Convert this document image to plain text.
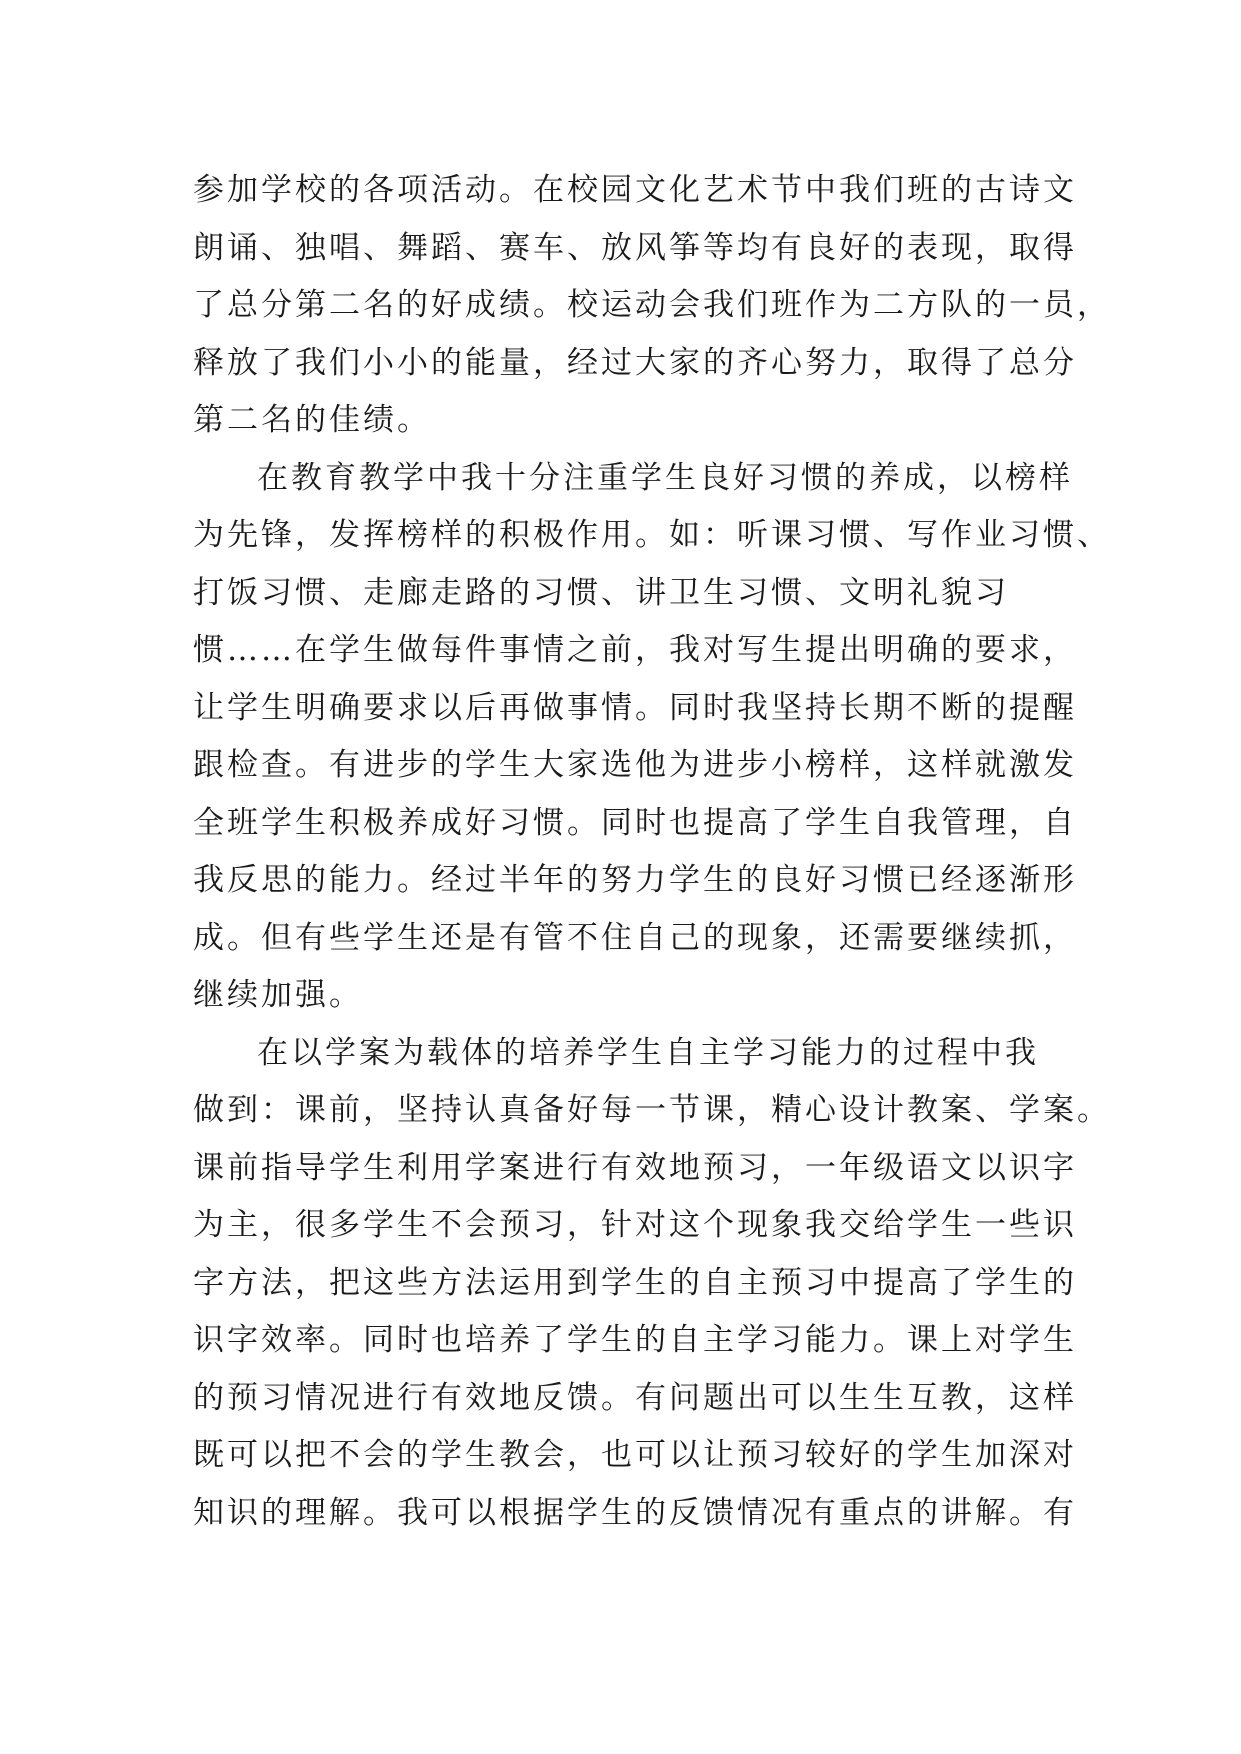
参加学校的各项活动。在校园文化艺术节中我们班的古诗文
朗诵、独唱、舞蹈、赛车、放风筝等均有良好的表现，取得
了总分第二名的好成绩。校运动会我们班作为二方队的一员，
释放了我们小小的能量，经过大家的齐心努力，取得了总分
第二名的佳绩。
在教育教学中我十分注重学生良好习惯的养成，以榜样
为先锋，发挥榜样的积极作用。如：听课习惯、写作业习惯、
打饭习惯、走廊走路的习惯、讲卫生习惯、文明礼貌习
惯……在学生做每件事情之前，我对写生提出明确的要求，
让学生明确要求以后再做事情。同时我坚持长期不断的提醒
跟检查。有进步的学生大家选他为进步小榜样，这样就激发
全班学生积极养成好习惯。同时也提高了学生自我管理，自
我反思的能力。经过半年的努力学生的良好习惯已经逐渐形
成。但有些学生还是有管不住自己的现象，还需要继续抓，
继续加强。
在以学案为载体的培养学生自主学习能力的过程中我
做到：课前，坚持认真备好每一节课，精心设计教案、学案。
课前指导学生利用学案进行有效地预习，一年级语文以识字
为主，很多学生不会预习，针对这个现象我交给学生一些识
字方法，把这些方法运用到学生的自主预习中提高了学生的
识字效率。同时也培养了学生的自主学习能力。课上对学生
的预习情况进行有效地反馈。有问题出可以生生互教，这样
既可以把不会的学生教会，也可以让预习较好的学生加深对
知识的理解。我可以根据学生的反馈情况有重点的讲解。有
